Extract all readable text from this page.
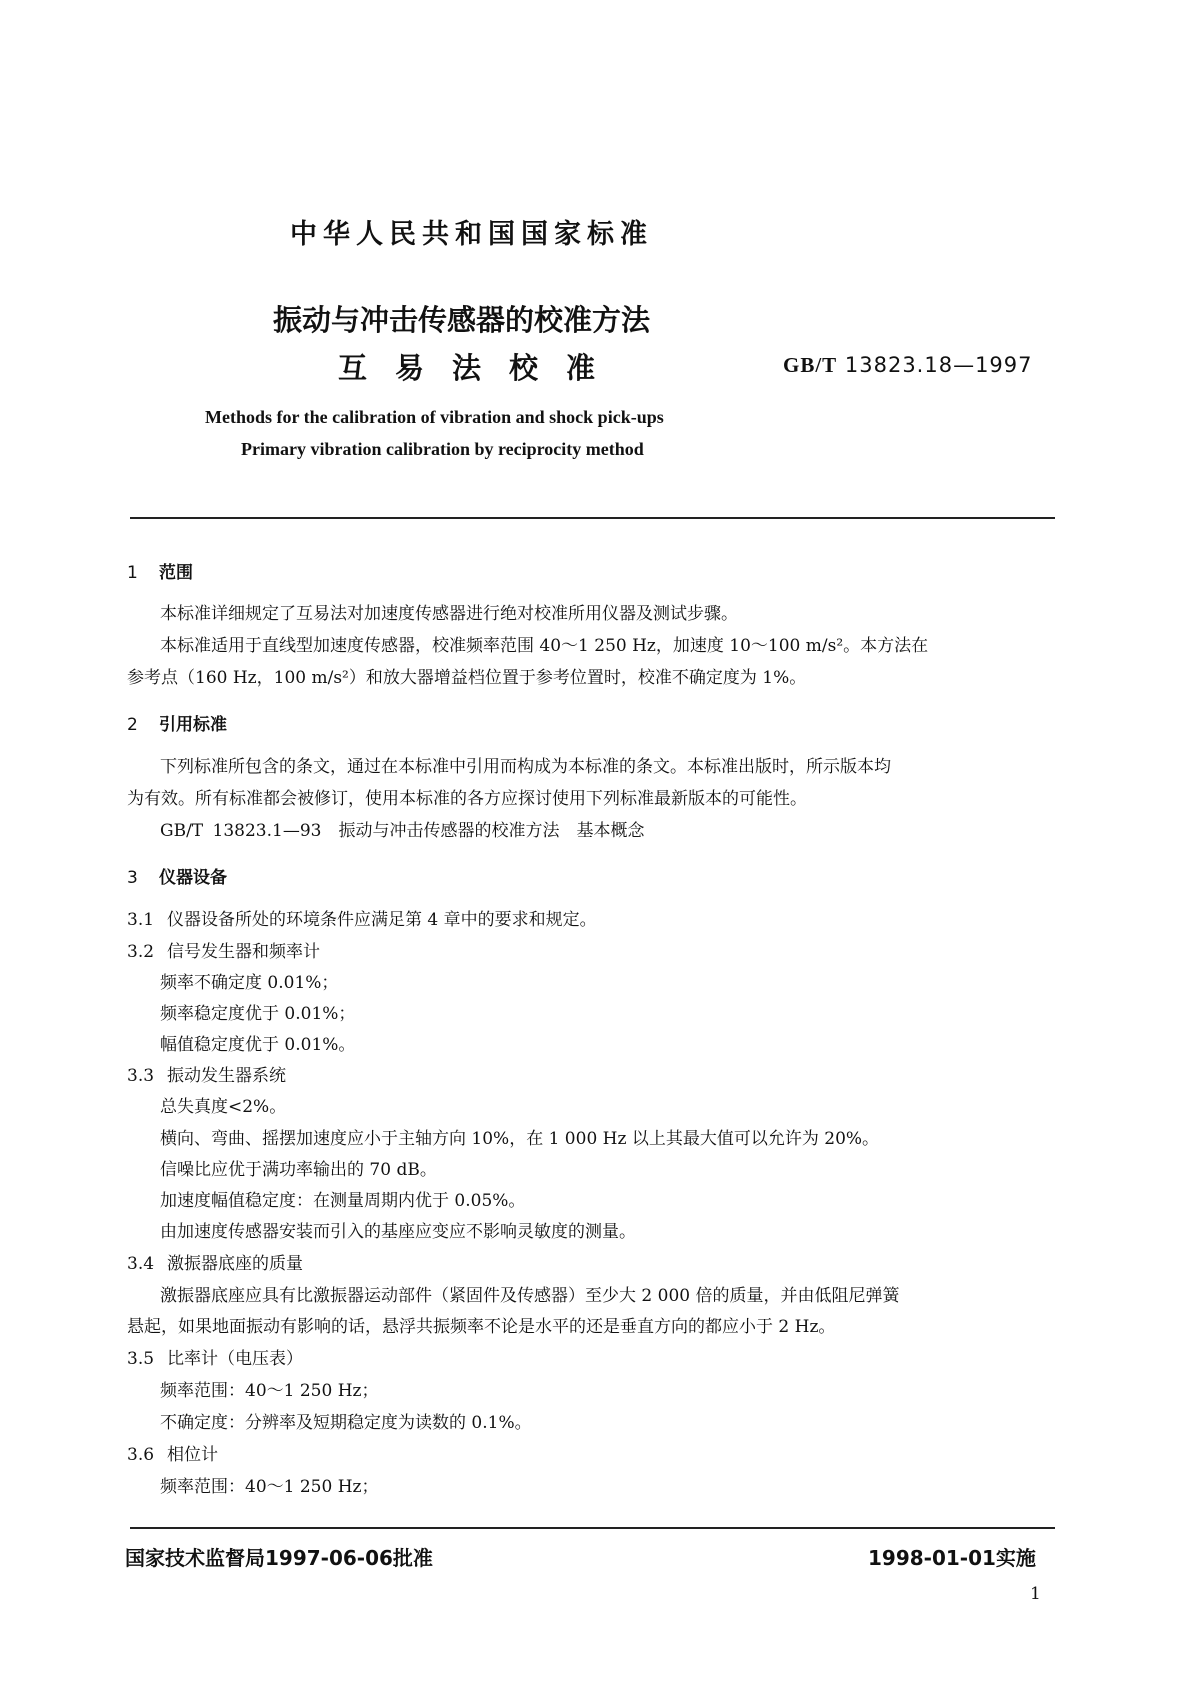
中华人民共和国国家标准
振动与冲击传感器的校准方法
互易法校准	GB/T 13823.18—1997
Methods for the calibration of vibration and shock pick-ups
Primary vibration calibration by reciprocity method
1 范围
本标准详细规定了互易法对加速度传感器进行绝对校准所用仪器及测试步骤。
本标准适用于直线型加速度传感器，校准频率范围 40～1 250 Hz，加速度 10～100 m/s²。本方法在
参考点（160 Hz，100 m/s²）和放大器增益档位置于参考位置时，校准不确定度为 1%。
2 引用标准
下列标准所包含的条文，通过在本标准中引用而构成为本标准的条文。本标准出版时，所示版本均
为有效。所有标准都会被修订，使用本标准的各方应探讨使用下列标准最新版本的可能性。
GB/T 13823.1—93　振动与冲击传感器的校准方法　基本概念
3 仪器设备
3.1 仪器设备所处的环境条件应满足第 4 章中的要求和规定。
3.2 信号发生器和频率计
频率不确定度 0.01%；
频率稳定度优于 0.01%；
幅值稳定度优于 0.01%。
3.3 振动发生器系统
总失真度<2%。
横向、弯曲、摇摆加速度应小于主轴方向 10%，在 1 000 Hz 以上其最大值可以允许为 20%。
信噪比应优于满功率输出的 70 dB。
加速度幅值稳定度：在测量周期内优于 0.05%。
由加速度传感器安装而引入的基座应变应不影响灵敏度的测量。
3.4 激振器底座的质量
激振器底座应具有比激振器运动部件（紧固件及传感器）至少大 2 000 倍的质量，并由低阻尼弹簧
悬起，如果地面振动有影响的话，悬浮共振频率不论是水平的还是垂直方向的都应小于 2 Hz。
3.5 比率计（电压表）
频率范围：40～1 250 Hz；
不确定度：分辨率及短期稳定度为读数的 0.1%。
3.6 相位计
频率范围：40～1 250 Hz；
国家技术监督局1997-06-06批准	1998-01-01实施
1
